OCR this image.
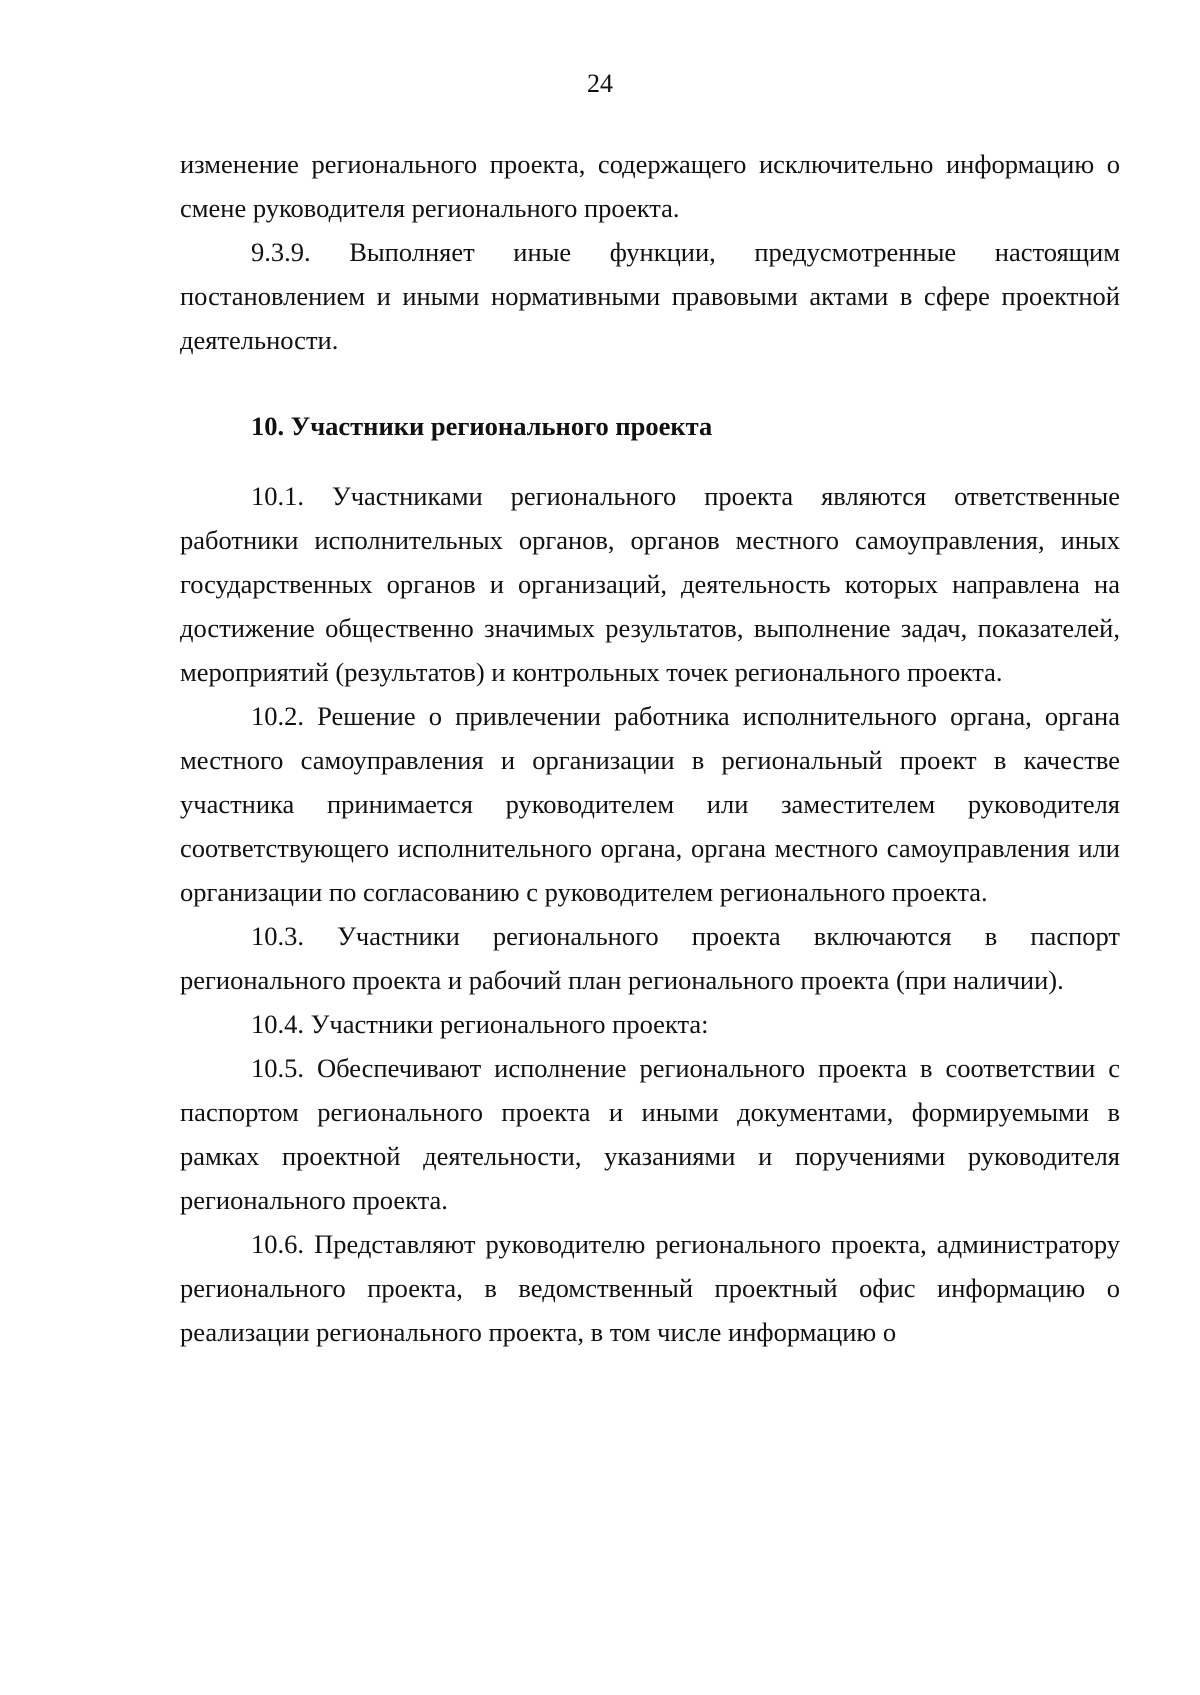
24

изменение регионального проекта, содержащего исключительно информацию о смене руководителя регионального проекта.

9.3.9. Выполняет иные функции, предусмотренные настоящим постановлением и иными нормативными правовыми актами в сфере проектной деятельности.

10. Участники регионального проекта

10.1. Участниками регионального проекта являются ответственные работники исполнительных органов, органов местного самоуправления, иных государственных органов и организаций, деятельность которых направлена на достижение общественно значимых результатов, выполнение задач, показателей, мероприятий (результатов) и контрольных точек регионального проекта.

10.2. Решение о привлечении работника исполнительного органа, органа местного самоуправления и организации в региональный проект в качестве участника принимается руководителем или заместителем руководителя соответствующего исполнительного органа, органа местного самоуправления или организации по согласованию с руководителем регионального проекта.

10.3. Участники регионального проекта включаются в паспорт регионального проекта и рабочий план регионального проекта (при наличии).

10.4. Участники регионального проекта:

10.5. Обеспечивают исполнение регионального проекта в соответствии с паспортом регионального проекта и иными документами, формируемыми в рамках проектной деятельности, указаниями и поручениями руководителя регионального проекта.

10.6. Представляют руководителю регионального проекта, администратору регионального проекта, в ведомственный проектный офис информацию о реализации регионального проекта, в том числе информацию о
